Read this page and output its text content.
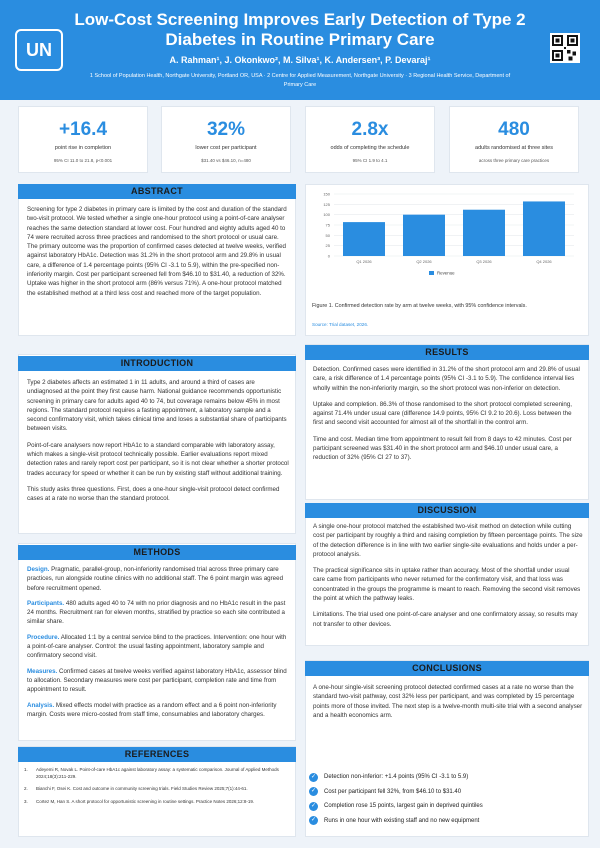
UN
Low-Cost Screening Improves Early Detection of Type 2 Diabetes in Routine Primary Care
A. Rahman¹, J. Okonkwo², M. Silva¹, K. Andersen³, P. Devaraj¹
1 School of Population Health, Northgate University, Portland OR, USA · 2 Centre for Applied Measurement, Northgate University · 3 Regional Health Service, Department of Primary Care
+16.4
point rise in completion
95% CI 11.0 to 21.8, p<0.001
32%
lower cost per participant
$31.40 vs $46.10, n=480
2.8x
odds of completing the schedule
95% CI 1.9 to 4.1
480
adults randomised at three sites
across three primary care practices
ABSTRACT
Screening for type 2 diabetes in primary care is limited by the cost and duration of the standard two-visit protocol. We tested whether a single one-hour protocol using a point-of-care analyser reaches the same detection standard at lower cost. Four hundred and eighty adults aged 40 to 74 were recruited across three practices and randomised to the short protocol or usual care. The primary outcome was the proportion of confirmed cases detected at twelve weeks, verified against laboratory HbA1c. Detection was 31.2% in the short protocol arm and 29.8% in usual care, a difference of 1.4 percentage points (95% CI -3.1 to 5.9), within the pre-specified non-inferiority margin. Cost per participant screened fell from $46.10 to $31.40, a reduction of 32%. Uptake was higher in the short protocol arm (86% versus 71%). A one-hour protocol matched the established method at a third less cost and reached more of the target population.
INTRODUCTION

Type 2 diabetes affects an estimated 1 in 11 adults, and around a third of cases are undiagnosed at the point they first cause harm. National guidance recommends opportunistic screening in primary care for adults aged 40 to 74, but coverage remains below 45% in most regions. The standard protocol requires a fasting appointment, a laboratory sample and a second confirmatory visit, which takes clinical time and loses a substantial share of participants between visits.

Point-of-care analysers now report HbA1c to a standard comparable with laboratory assay, which makes a single-visit protocol technically possible. Earlier evaluations report mixed detection rates and rarely report cost per participant, so it is not clear whether a shorter protocol trades accuracy for speed or whether it can be run by existing staff without additional training.

This study asks three questions. First, does a one-hour single-visit protocol detect confirmed cases at a rate no worse than the standard protocol.

METHODS
Design. Pragmatic, parallel-group, non-inferiority randomised trial across three primary care practices, run alongside routine clinics with no additional staff. The 6 point margin was agreed before recruitment opened.
Participants. 480 adults aged 40 to 74 with no prior diagnosis and no HbA1c result in the past 24 months. Recruitment ran for eleven months, stratified by practice so each site contributed a similar share.
Procedure. Allocated 1:1 by a central service blind to the practices. Intervention: one hour with a point-of-care analyser. Control: the usual fasting appointment, laboratory sample and confirmatory second visit.
Measures. Confirmed cases at twelve weeks verified against laboratory HbA1c, assessor blind to allocation. Secondary measures were cost per participant, completion rate and time from appointment to result.
Analysis. Mixed effects model with practice as a random effect and a 6 point non-inferiority margin. Costs were micro-costed from staff time, consumables and laboratory charges.
REFERENCES
1.	Adeyemi R, Novak L. Point-of-care HbA1c against laboratory assay: a systematic comparison. Journal of Applied Methods 2024;18(3):211-229.
2.	Bianchi F, Osei K. Cost and outcome in community screening trials. Field Studies Review 2025;7(1):44-61.
3.	Cortez M, Han S. A short protocol for opportunistic screening in routine settings. Practice Notes 2026;12:8-19.
0
25
50
75
100
125
150
Q1 2026	Q2 2026	Q3 2026	Q4 2026
Revenue
Figure 1. Confirmed detection rate by arm at twelve weeks, with 95% confidence intervals.
Source: Trial dataset, 2026.
RESULTS

Detection. Confirmed cases were identified in 31.2% of the short protocol arm and 29.8% of usual care, a risk difference of 1.4 percentage points (95% CI -3.1 to 5.9). The confidence interval lies wholly within the non-inferiority margin, so the short protocol was non-inferior on detection.

Uptake and completion. 86.3% of those randomised to the short protocol completed screening, against 71.4% under usual care (difference 14.9 points, 95% CI 9.2 to 20.6). Loss between the first and second visit accounted for almost all of the shortfall in the control arm.

Time and cost. Median time from appointment to result fell from 8 days to 42 minutes. Cost per participant screened was $31.40 in the short protocol arm and $46.10 under usual care, a reduction of 32% (95% CI 27 to 37).

DISCUSSION

A single one-hour protocol matched the established two-visit method on detection while cutting cost per participant by roughly a third and raising completion by fifteen percentage points. The size of the detection difference is in line with two earlier single-site evaluations and holds under a per-protocol analysis.

The practical significance sits in uptake rather than accuracy. Most of the shortfall under usual care came from participants who never returned for the confirmatory visit, and that loss was concentrated in the groups the programme is meant to reach. Removing the second visit removes the point at which the pathway leaks.

Limitations. The trial used one point-of-care analyser and one confirmatory assay, so results may not transfer to other devices.

CONCLUSIONS
A one-hour single-visit screening protocol detected confirmed cases at a rate no worse than the standard two-visit pathway, cost 32% less per participant, and was completed by 15 percentage points more of those invited. The next step is a twelve-month multi-site trial with a second analyser and a health economics arm.
✓	Detection non-inferior: +1.4 points (95% CI -3.1 to 5.9)
✓	Cost per participant fell 32%, from $46.10 to $31.40
✓	Completion rose 15 points, largest gain in deprived quintiles
✓	Runs in one hour with existing staff and no new equipment
